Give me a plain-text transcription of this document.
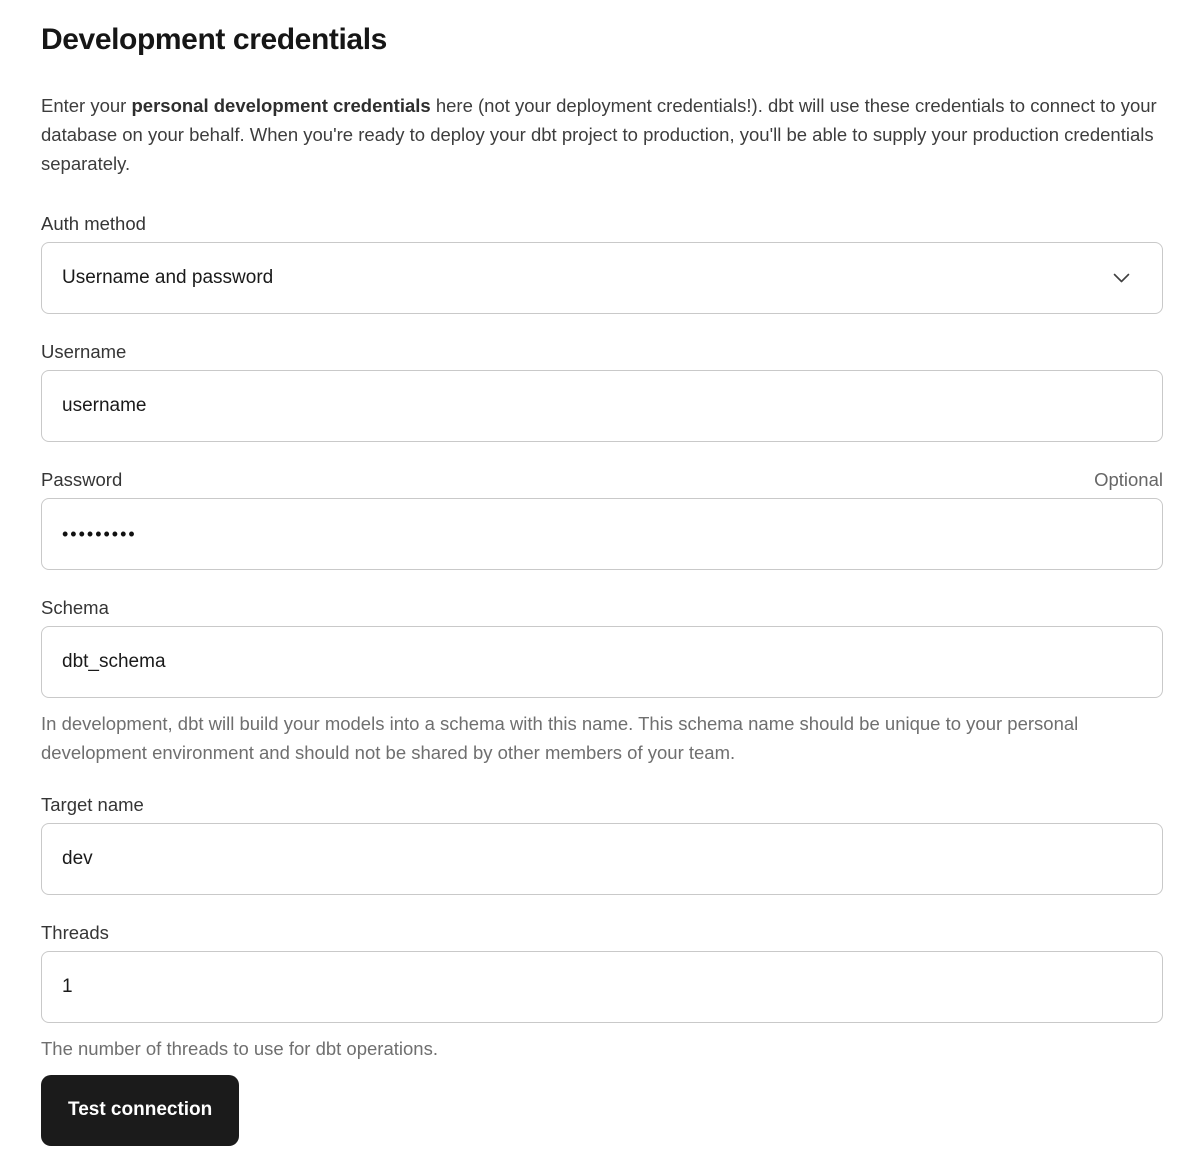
Development credentials

Enter your personal development credentials here (not your deployment credentials!). dbt will use these credentials to connect to your database on your behalf. When you're ready to deploy your dbt project to production, you'll be able to supply your production credentials separately.

Auth method
Username and password
Username
username
Password	Optional
•••••••••
Schema
dbt_schema

In development, dbt will build your models into a schema with this name. This schema name should be unique to your personal development environment and should not be shared by other members of your team.

Target name
dev
Threads
1

The number of threads to use for dbt operations.

Test connection
